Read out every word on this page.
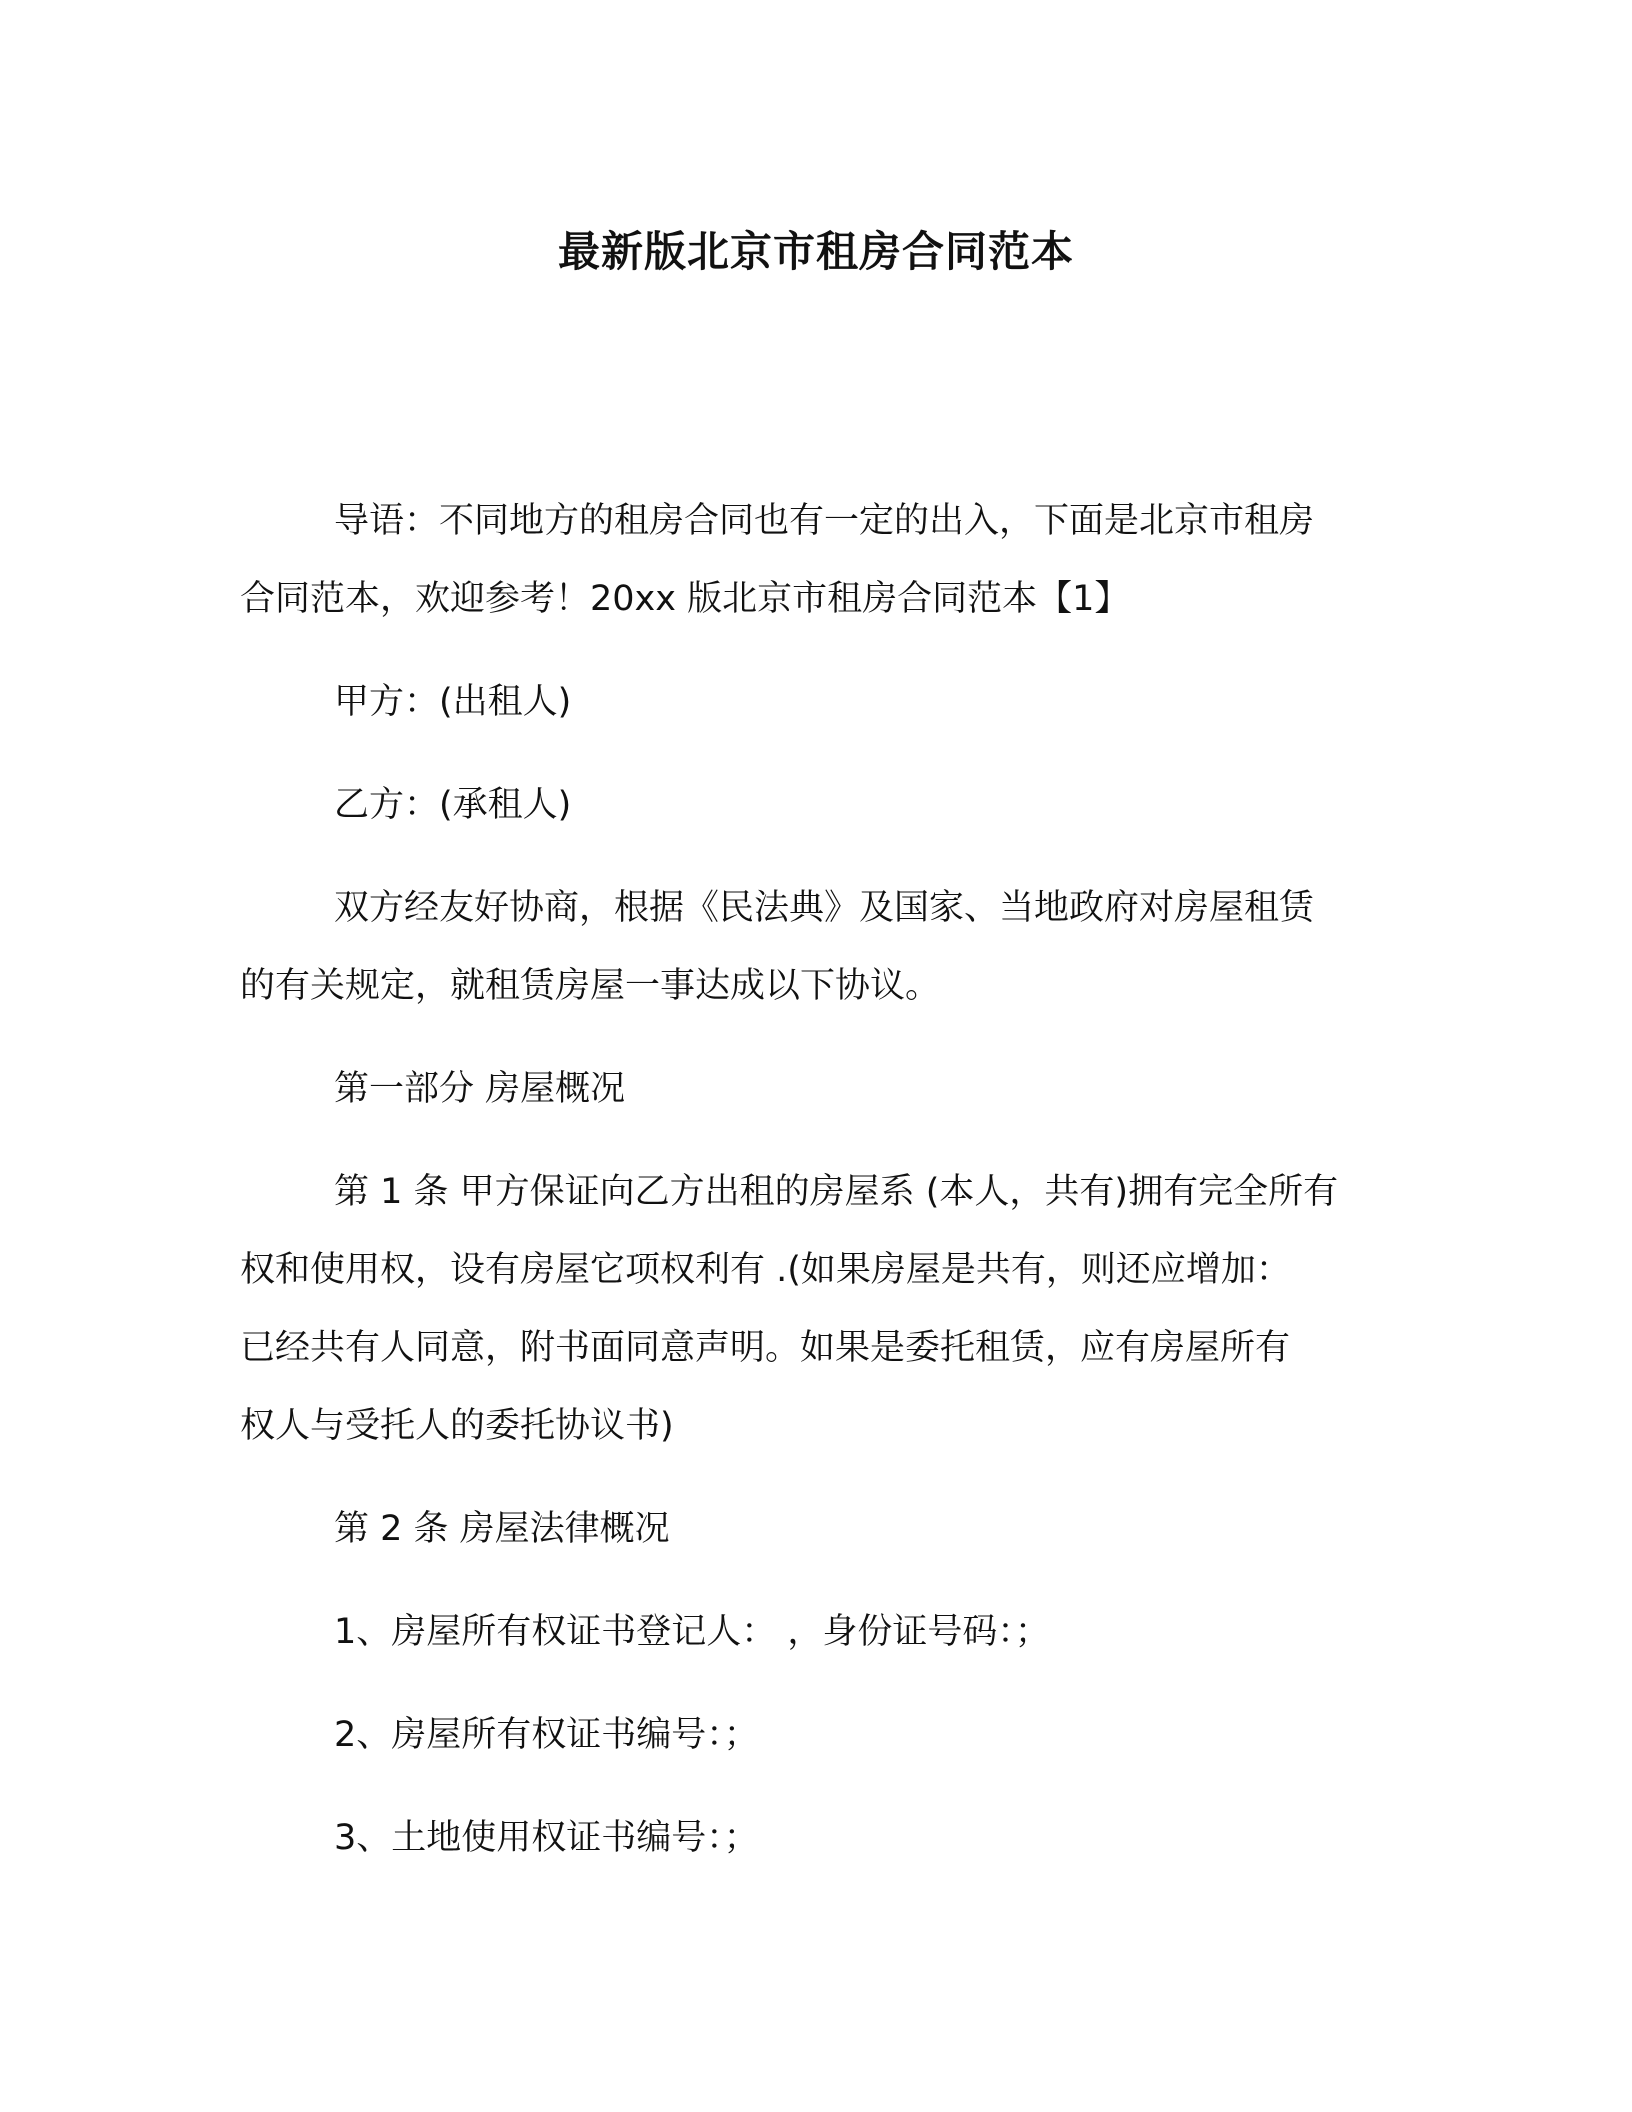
最新版北京市租房合同范本
导语：不同地方的租房合同也有一定的出入，下面是北京市租房
合同范本，欢迎参考！20xx 版北京市租房合同范本【1】
甲方：(出租人)
乙方：(承租人)
双方经友好协商，根据《民法典》及国家、当地政府对房屋租赁
的有关规定，就租赁房屋一事达成以下协议。
第一部分 房屋概况
第 1 条 甲方保证向乙方出租的房屋系 (本人，共有)拥有完全所有
权和使用权，设有房屋它项权利有 .(如果房屋是共有，则还应增加：
已经共有人同意，附书面同意声明。如果是委托租赁，应有房屋所有
权人与受托人的委托协议书)
第 2 条 房屋法律概况
1、房屋所有权证书登记人： ，身份证号码：；
2、房屋所有权证书编号：；
3、土地使用权证书编号：；
